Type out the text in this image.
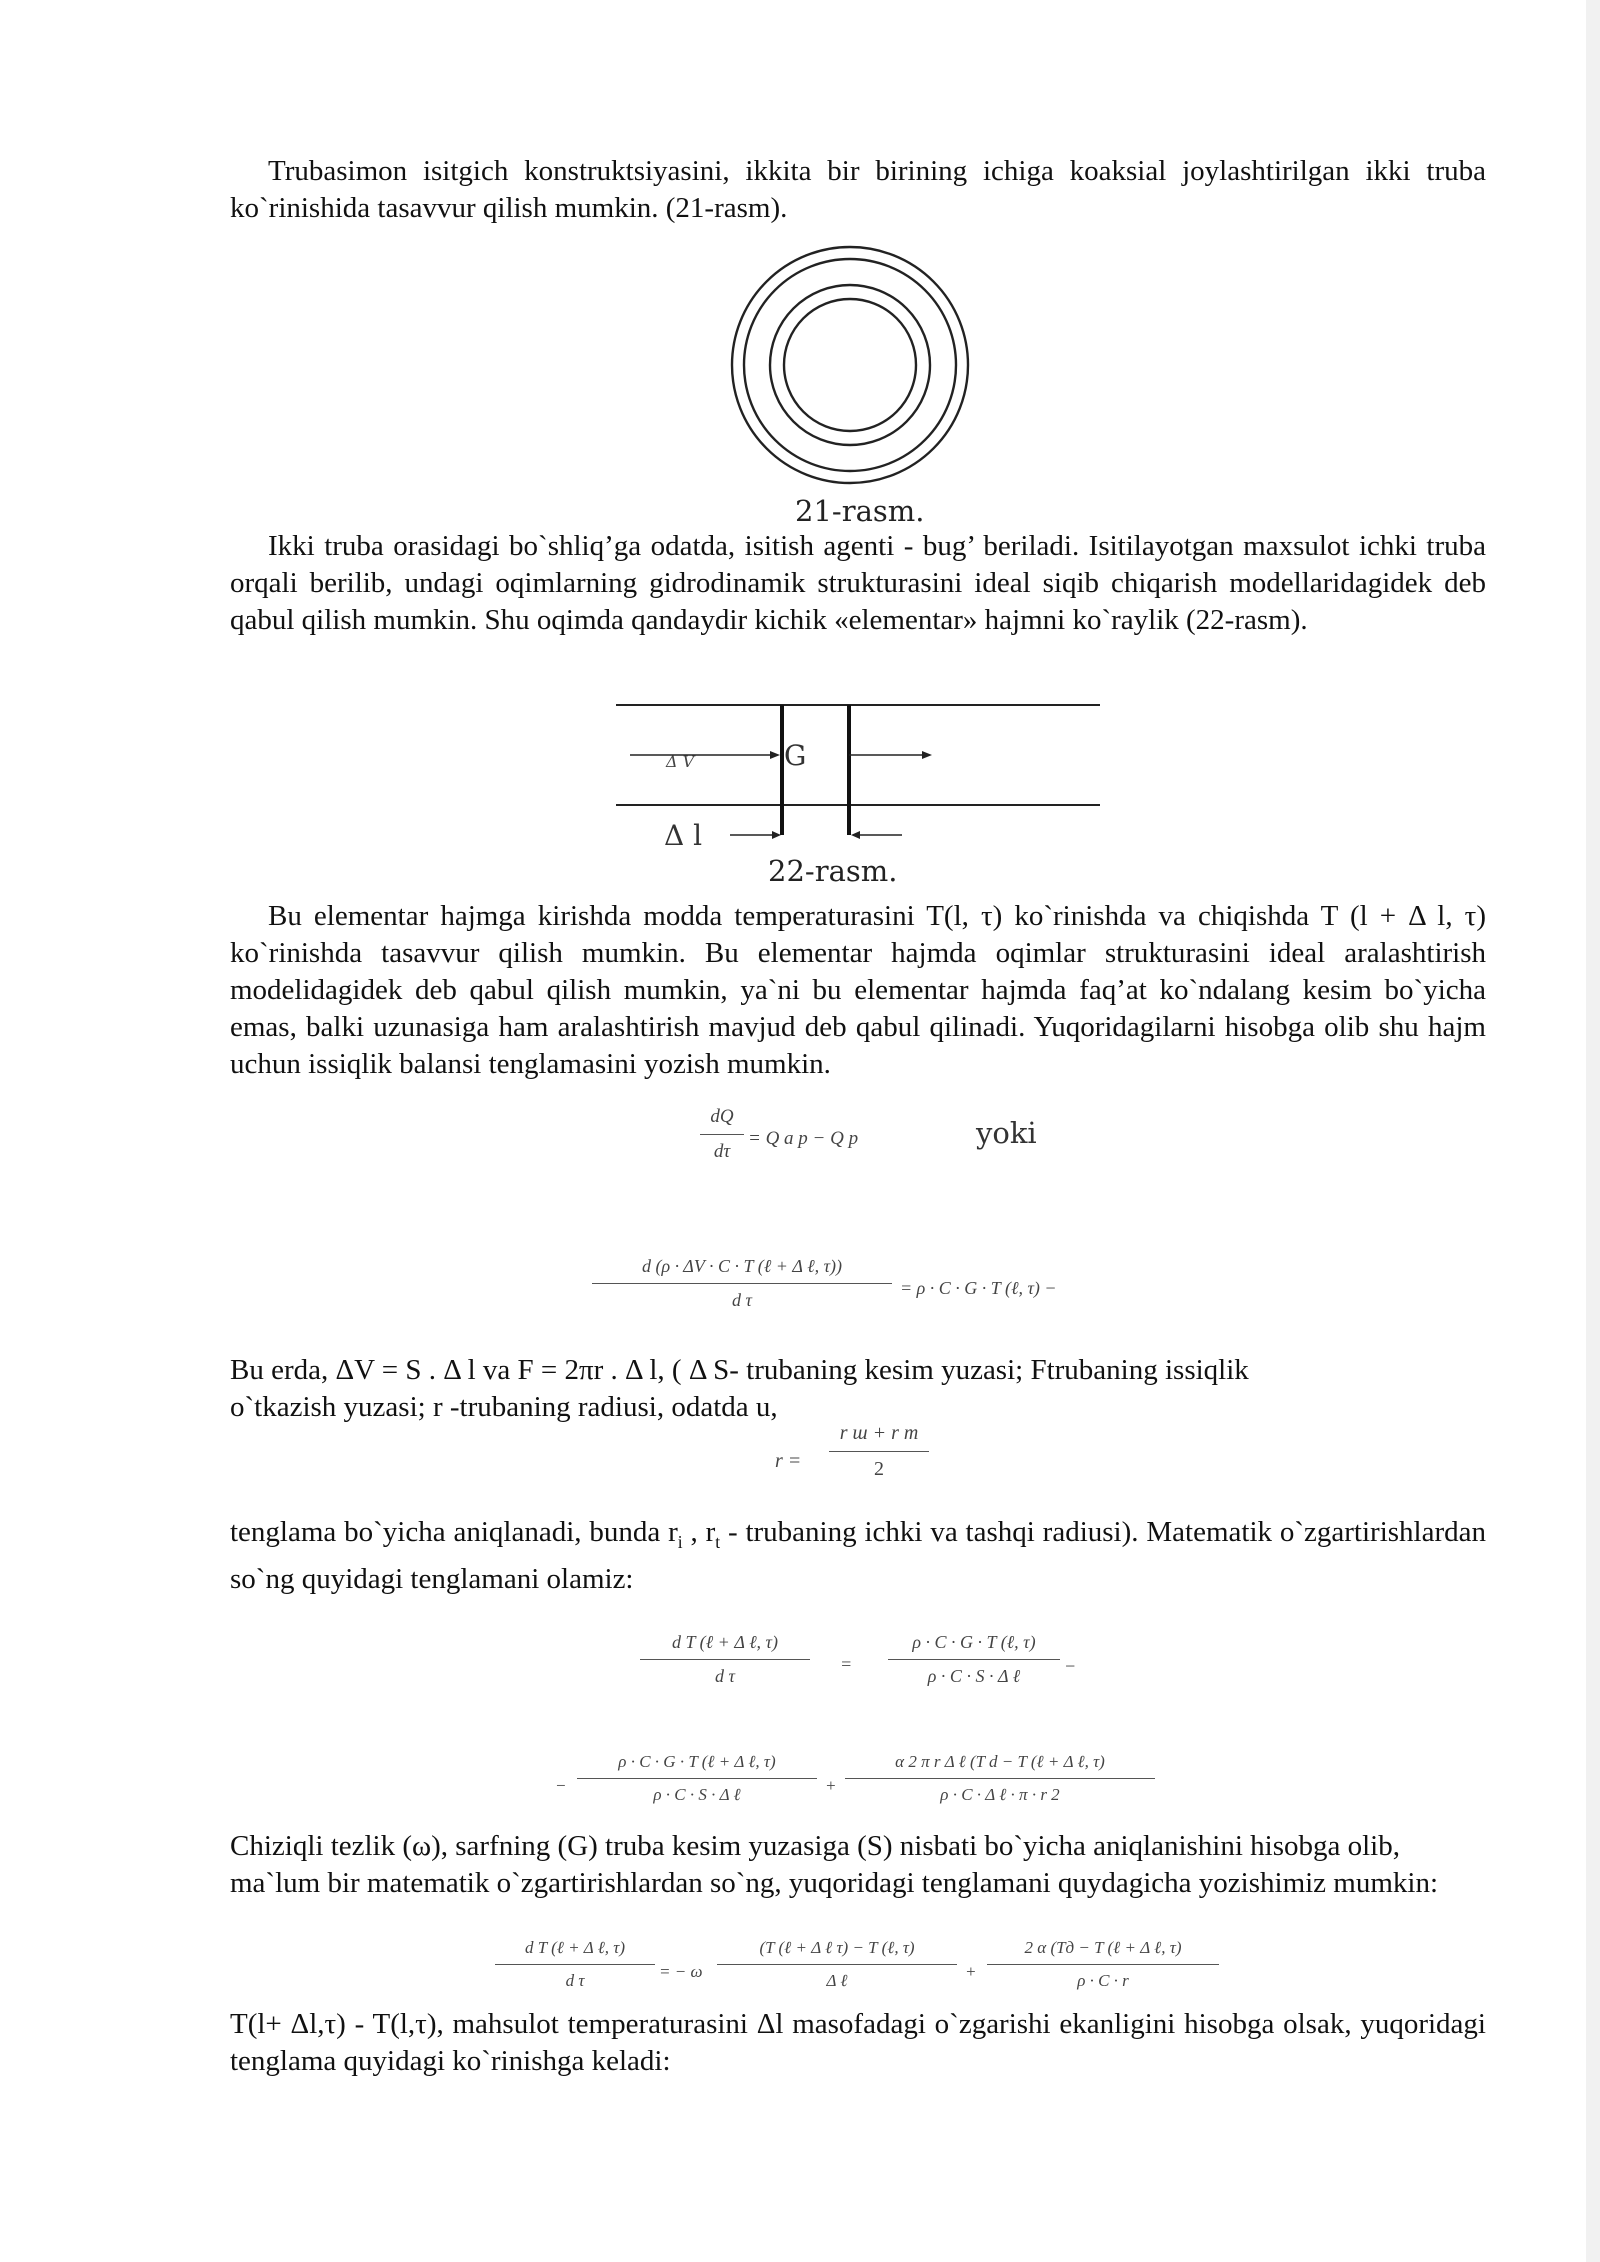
Trubasimon isitgich konstruktsiyasini, ikkita bir birining ichiga koaksial joylashtirilgan ikki truba ko`rinishida tasavvur qilish mumkin. (21-rasm).

21-rasm.

Ikki truba orasidagi bo`shliq’ga odatda, isitish agenti - bug’ beriladi. Isitilayotgan maxsulot ichki truba orqali berilib, undagi oqimlarning gidrodinamik strukturasini ideal siqib chiqarish modellaridagidek deb qabul qilish mumkin. Shu oqimda qandaydir kichik «elementar» hajmni ko`raylik (22-rasm).

Δ V	G
Δ l
22-rasm.

Bu elementar hajmga kirishda modda temperaturasini T(l, τ) ko`rinishda va chiqishda T (l + Δ l, τ) ko`rinishda tasavvur qilish mumkin. Bu elementar hajmda oqimlar strukturasini ideal aralashtirish modelidagidek deb qabul qilish mumkin, ya`ni bu elementar hajmda faq’at ko`ndalang kesim bo`yicha emas, balki uzunasiga ham aralashtirish mavjud deb qabul qilinadi. Yuqoridagilarni hisobga olib shu hajm uchun issiqlik balansi tenglamasini yozish mumkin.

dQ
dτ
= Q a p − Q p	yoki
d (ρ · ΔV · C · T (ℓ + Δ ℓ, τ))
d τ
= ρ · C · G · T (ℓ, τ) −

Bu erda, ΔV = S . Δ l va F = 2πr . Δ l, ( Δ S- trubaning kesim yuzasi; Ftrubaning issiqlik

o`tkazish yuzasi; r -trubaning radiusi, odatda u,

r =
r ш + r т
2

tenglama bo`yicha aniqlanadi, bunda $r_i$ , $r_t$ - trubaning ichki va tashqi radiusi). Matematik o`zgartirishlardan so`ng quyidagi tenglamani olamiz:

d T (ℓ + Δ ℓ, τ)
d τ
=
ρ · C · G · T (ℓ, τ)
ρ · C · S · Δ ℓ	−
−
ρ · C · G · T (ℓ + Δ ℓ, τ)
ρ · C · S · Δ ℓ	+
α 2 π r Δ ℓ (T d − T (ℓ + Δ ℓ, τ)
ρ · C · Δ ℓ · π · r 2

Chiziqli tezlik (ω), sarfning (G) truba kesim yuzasiga (S) nisbati bo`yicha aniqlanishini hisobga olib, ma`lum bir matematik o`zgartirishlardan so`ng, yuqoridagi tenglamani quydagicha yozishimiz mumkin:

d T (ℓ + Δ ℓ, τ)
d τ	= − ω
(T (ℓ + Δ ℓ τ) − T (ℓ, τ)
Δ ℓ	+
2 α (Tд − T (ℓ + Δ ℓ, τ)
ρ · C · r

T(l+ Δl,τ) - T(l,τ), mahsulot temperaturasini Δl masofadagi o`zgarishi ekanligini hisobga olsak, yuqoridagi tenglama quyidagi ko`rinishga keladi:
